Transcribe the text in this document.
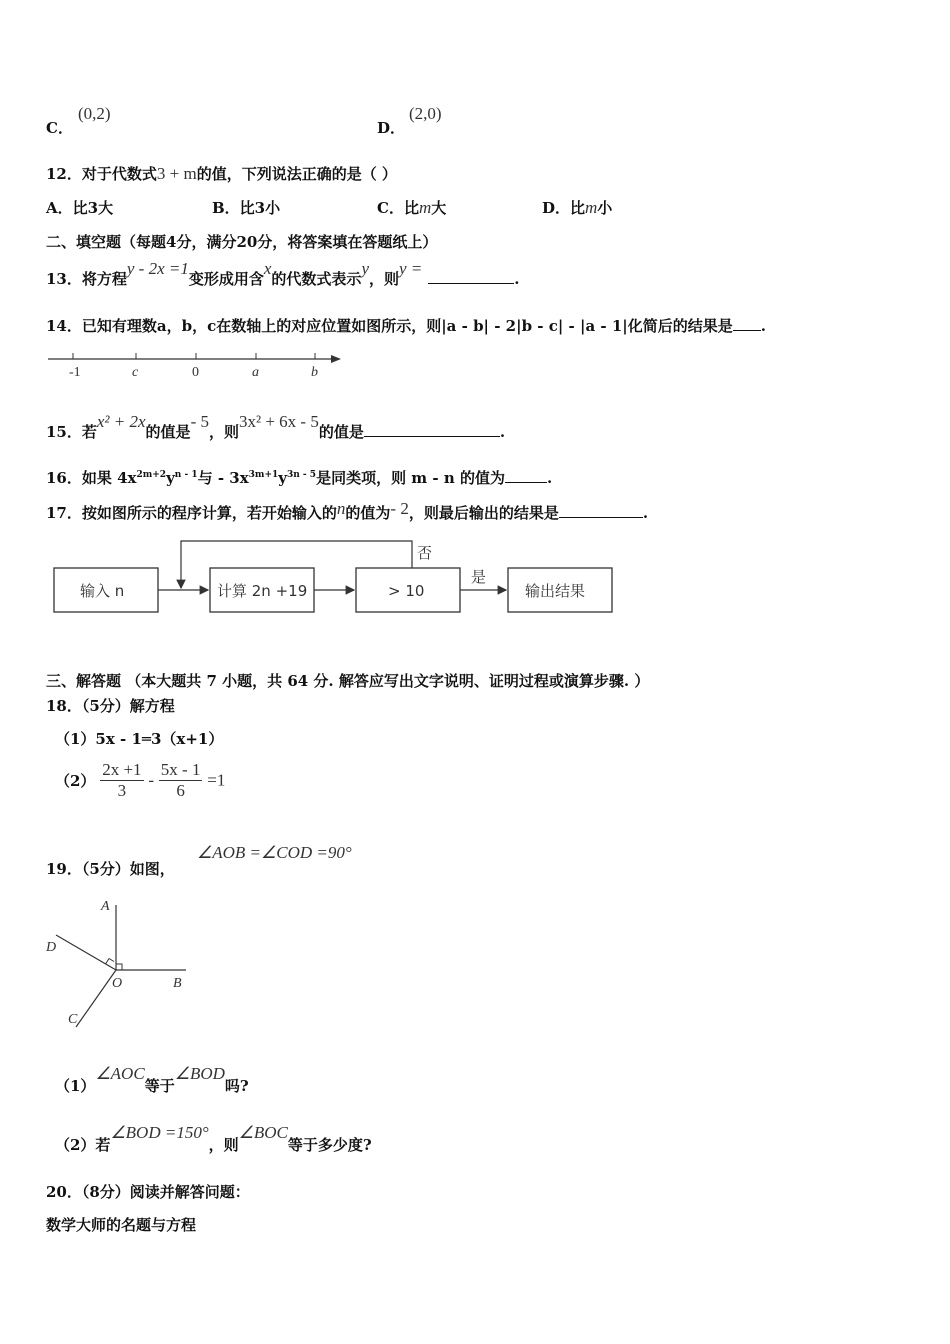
C．
(0,2)
D．
(2,0)
12．对于代数式3 + m的值，下列说法正确的是（ ）
A．比3大	B．比3小	C．比m大	D．比m小
二、填空题（每题4分，满分20分，将答案填在答题纸上）
13．将方程y - 2x =1变形成用含x的代数式表示y，则y =.
14．已知有理数a，b，c在数轴上的对应位置如图所示，则|a - b| - 2|b - c| - |a - 1|化简后的结果是 .
-1	c	0	a	b
15．若x² + 2x的值是- 5，则3x² + 6x - 5的值是	.
16．如果 $4x^{2m+2}y^{n - 1}$与 - $3x^{3m+1}y^{3n - 5}$是同类项，则 m - n 的值为	.
17．按如图所示的程序计算，若开始输入的n的值为- 2，则最后输出的结果是	.
输入 n	计算 2n +19	> 10	输出结果
否
是
三、解答题 （本大题共 7 小题，共 64 分. 解答应写出文字说明、证明过程或演算步骤. ）
18．（5分）解方程
（1）5x - 1═3（x+1）
$(2) \frac{2x +1}{3} - \frac{5x - 1}{6} =1$
19．（5分）如图，
∠AOB =∠COD =90°
A
D
O	B
C
（1）∠AOC等于∠BOD吗?
（2）若∠BOD =150°，则∠BOC等于多少度?
20．（8分）阅读并解答问题：
数学大师的名题与方程
